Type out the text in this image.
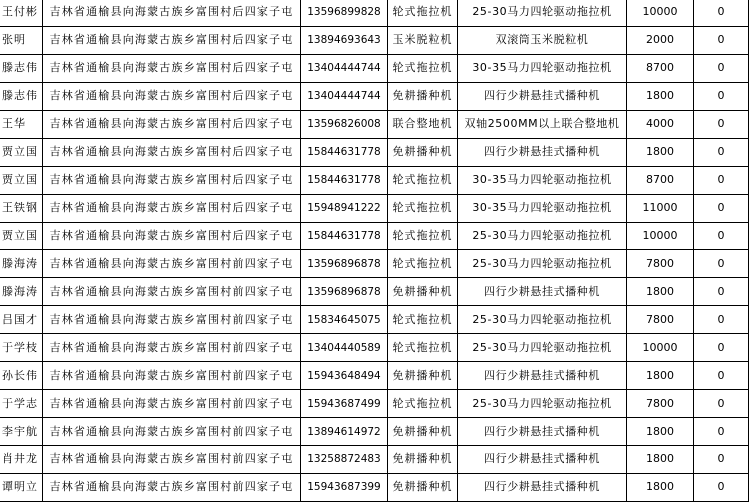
王付彬	吉林省通榆县向海蒙古族乡富围村后四家子屯	13596899828	轮式拖拉机	25-30马力四轮驱动拖拉机	10000	0
张明	吉林省通榆县向海蒙古族乡富围村后四家子屯	13894693643	玉米脱粒机	双滚筒玉米脱粒机	2000	0
滕志伟	吉林省通榆县向海蒙古族乡富围村后四家子屯	13404444744	轮式拖拉机	30-35马力四轮驱动拖拉机	8700	0
滕志伟	吉林省通榆县向海蒙古族乡富围村后四家子屯	13404444744	免耕播种机	四行少耕悬挂式播种机	1800	0
王华	吉林省通榆县向海蒙古族乡富围村后四家子屯	13596826008	联合整地机	双轴2500MM以上联合整地机	4000	0
贾立国	吉林省通榆县向海蒙古族乡富围村后四家子屯	15844631778	免耕播种机	四行少耕悬挂式播种机	1800	0
贾立国	吉林省通榆县向海蒙古族乡富围村后四家子屯	15844631778	轮式拖拉机	30-35马力四轮驱动拖拉机	8700	0
王铁钢	吉林省通榆县向海蒙古族乡富围村后四家子屯	15948941222	轮式拖拉机	30-35马力四轮驱动拖拉机	11000	0
贾立国	吉林省通榆县向海蒙古族乡富围村后四家子屯	15844631778	轮式拖拉机	25-30马力四轮驱动拖拉机	10000	0
滕海涛	吉林省通榆县向海蒙古族乡富围村前四家子屯	13596896878	轮式拖拉机	25-30马力四轮驱动拖拉机	7800	0
滕海涛	吉林省通榆县向海蒙古族乡富围村前四家子屯	13596896878	免耕播种机	四行少耕悬挂式播种机	1800	0
吕国才	吉林省通榆县向海蒙古族乡富围村前四家子屯	15834645075	轮式拖拉机	25-30马力四轮驱动拖拉机	7800	0
于学枝	吉林省通榆县向海蒙古族乡富围村前四家子屯	13404440589	轮式拖拉机	25-30马力四轮驱动拖拉机	10000	0
孙长伟	吉林省通榆县向海蒙古族乡富围村前四家子屯	15943648494	免耕播种机	四行少耕悬挂式播种机	1800	0
于学志	吉林省通榆县向海蒙古族乡富围村前四家子屯	15943687499	轮式拖拉机	25-30马力四轮驱动拖拉机	7800	0
李宇航	吉林省通榆县向海蒙古族乡富围村前四家子屯	13894614972	免耕播种机	四行少耕悬挂式播种机	1800	0
肖井龙	吉林省通榆县向海蒙古族乡富围村前四家子屯	13258872483	免耕播种机	四行少耕悬挂式播种机	1800	0
谭明立	吉林省通榆县向海蒙古族乡富围村前四家子屯	15943687399	免耕播种机	四行少耕悬挂式播种机	1800	0
